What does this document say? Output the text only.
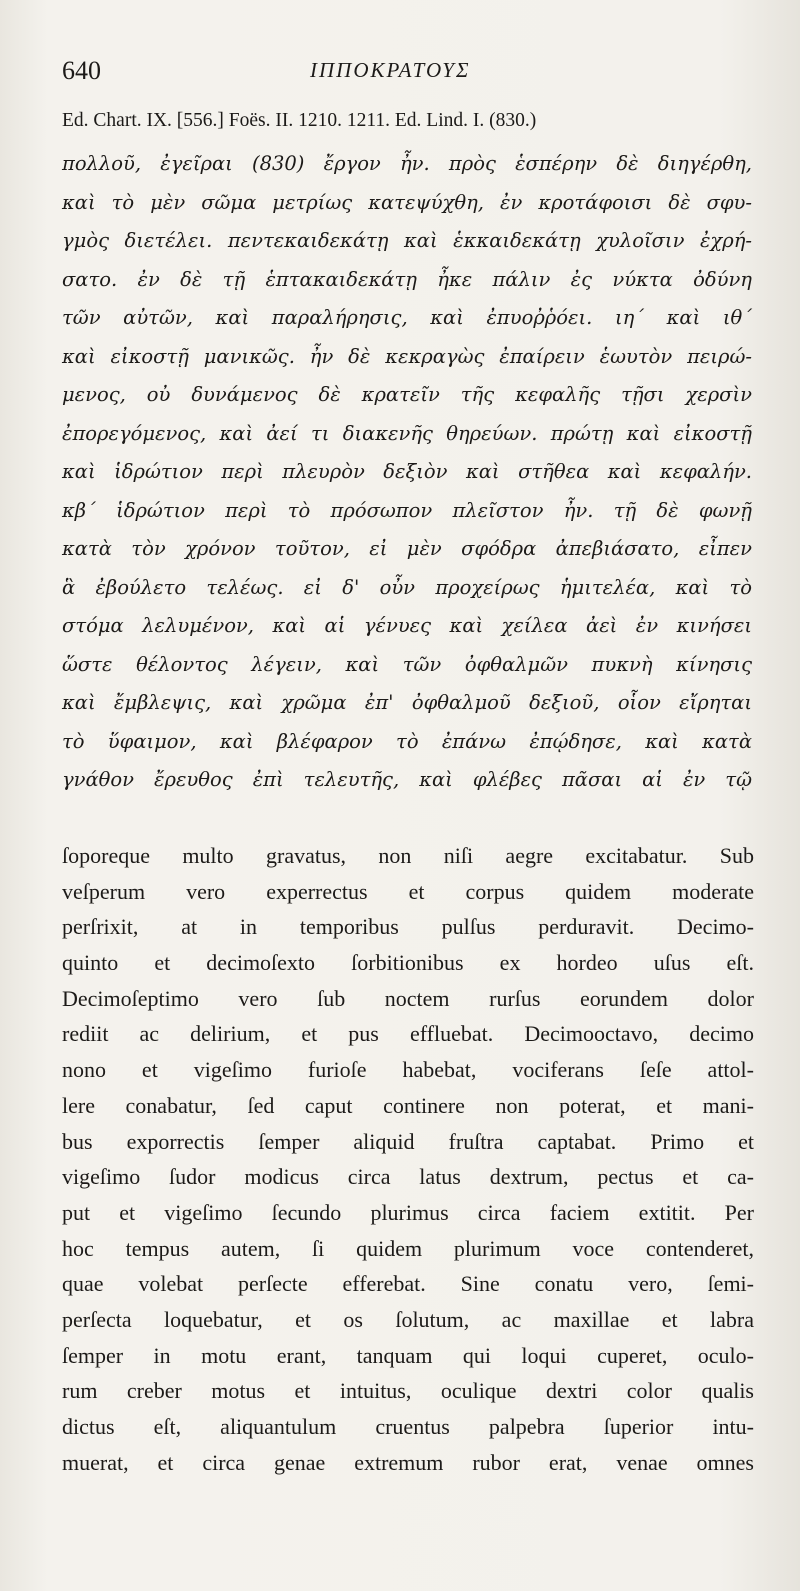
640	ΙΠΠΟΚΡΑΤΟΥΣ
Ed. Chart. IX. [556.] Foës. II. 1210. 1211. Ed. Lind. I. (830.)
πολλοῦ, ἐγεῖραι (830) ἔργον ἦν. πρὸς ἑσπέρην δὲ διηγέρθη,
καὶ τὸ μὲν σῶμα μετρίως κατεψύχθη, ἐν κροτάφοισι δὲ σφυ-
γμὸς διετέλει. πεντεκαιδεκάτῃ καὶ ἑκκαιδεκάτῃ χυλοῖσιν ἐχρή-
σατο. ἐν δὲ τῇ ἑπτακαιδεκάτῃ ἦκε πάλιν ἐς νύκτα ὀδύνη
τῶν αὐτῶν, καὶ παραλήρησις, καὶ ἐπυοῤῥόει. ιη΄ καὶ ιθ΄
καὶ εἰκοστῇ μανικῶς. ἦν δὲ κεκραγὼς ἐπαίρειν ἑωυτὸν πειρώ-
μενος, οὐ δυνάμενος δὲ κρατεῖν τῆς κεφαλῆς τῇσι χερσὶν
ἐπορεγόμενος, καὶ ἀεί τι διακενῆς θηρεύων. πρώτῃ καὶ εἰκοστῇ
καὶ ἱδρώτιον περὶ πλευρὸν δεξιὸν καὶ στῆθεα καὶ κεφαλήν.
κβ΄ ἱδρώτιον περὶ τὸ πρόσωπον πλεῖστον ἦν. τῇ δὲ φωνῇ
κατὰ τὸν χρόνον τοῦτον, εἰ μὲν σφόδρα ἀπεβιάσατο, εἶπεν
ἃ ἐβούλετο τελέως. εἰ δ' οὖν προχείρως ἡμιτελέα, καὶ τὸ
στόμα λελυμένον, καὶ αἱ γένυες καὶ χείλεα ἀεὶ ἐν κινήσει
ὥστε θέλοντος λέγειν, καὶ τῶν ὀφθαλμῶν πυκνὴ κίνησις
καὶ ἔμβλεψις, καὶ χρῶμα ἐπ' ὀφθαλμοῦ δεξιοῦ, οἷον εἴρηται
τὸ ὕφαιμον, καὶ βλέφαρον τὸ ἐπάνω ἐπῴδησε, καὶ κατὰ
γνάθον ἔρευθος ἐπὶ τελευτῆς, καὶ φλέβες πᾶσαι αἱ ἐν τῷ
ſoporeque multo gravatus, non niſi aegre excitabatur. Sub
veſperum vero experrectus et corpus quidem moderate
perſrixit, at in temporibus pulſus perduravit. Decimo-
quinto et decimoſexto ſorbitionibus ex hordeo uſus eſt.
Decimoſeptimo vero ſub noctem rurſus eorundem dolor
rediit ac delirium, et pus effluebat. Decimooctavo, decimo
nono et vigeſimo furioſe habebat, vociferans ſeſe attol-
lere conabatur, ſed caput continere non poterat, et mani-
bus exporrectis ſemper aliquid fruſtra captabat. Primo et
vigeſimo ſudor modicus circa latus dextrum, pectus et ca-
put et vigeſimo ſecundo plurimus circa faciem extitit. Per
hoc tempus autem, ſi quidem plurimum voce contenderet,
quae volebat perſecte efferebat. Sine conatu vero, ſemi-
perſecta loquebatur, et os ſolutum, ac maxillae et labra
ſemper in motu erant, tanquam qui loqui cuperet, oculo-
rum creber motus et intuitus, oculique dextri color qualis
dictus eſt, aliquantulum cruentus palpebra ſuperior intu-
muerat, et circa genae extremum rubor erat, venae omnes
